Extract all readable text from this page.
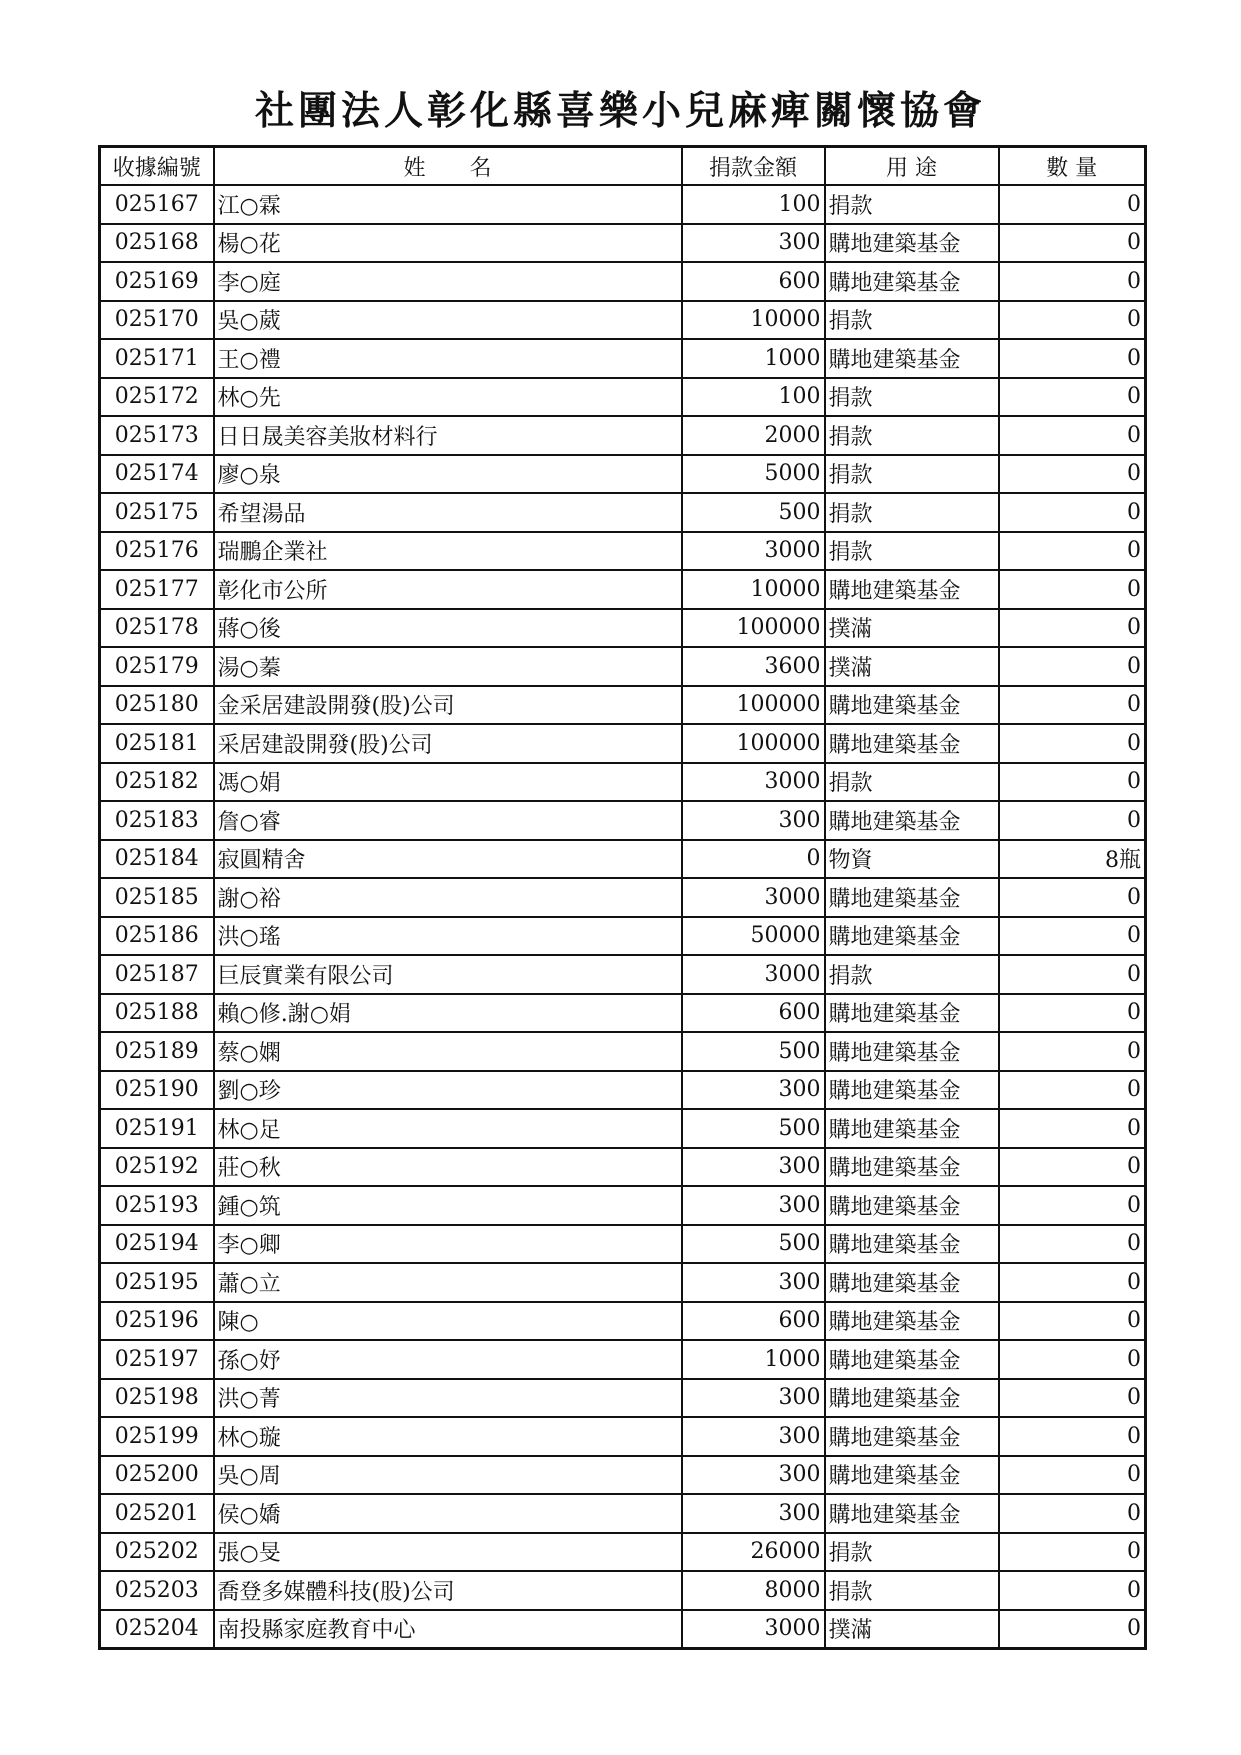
社團法人彰化縣喜樂小兒麻痺關懷協會
收據編號	姓　　名	捐款金額	用 途	數 量
025167	江○霖	100	捐款	0
025168	楊○花	300	購地建築基金	0
025169	李○庭	600	購地建築基金	0
025170	吳○葳	10000	捐款	0
025171	王○禮	1000	購地建築基金	0
025172	林○先	100	捐款	0
025173	日日晟美容美妝材料行	2000	捐款	0
025174	廖○泉	5000	捐款	0
025175	希望湯品	500	捐款	0
025176	瑞鵬企業社	3000	捐款	0
025177	彰化市公所	10000	購地建築基金	0
025178	蔣○後	100000	撲滿	0
025179	湯○蓁	3600	撲滿	0
025180	金采居建設開發(股)公司	100000	購地建築基金	0
025181	采居建設開發(股)公司	100000	購地建築基金	0
025182	馮○娟	3000	捐款	0
025183	詹○睿	300	購地建築基金	0
025184	寂圓精舍	0	物資	8瓶
025185	謝○裕	3000	購地建築基金	0
025186	洪○瑤	50000	購地建築基金	0
025187	巨辰實業有限公司	3000	捐款	0
025188	賴○修.謝○娟	600	購地建築基金	0
025189	蔡○嫻	500	購地建築基金	0
025190	劉○珍	300	購地建築基金	0
025191	林○足	500	購地建築基金	0
025192	莊○秋	300	購地建築基金	0
025193	鍾○筑	300	購地建築基金	0
025194	李○卿	500	購地建築基金	0
025195	蕭○立	300	購地建築基金	0
025196	陳○	600	購地建築基金	0
025197	孫○妤	1000	購地建築基金	0
025198	洪○菁	300	購地建築基金	0
025199	林○璇	300	購地建築基金	0
025200	吳○周	300	購地建築基金	0
025201	侯○嬌	300	購地建築基金	0
025202	張○旻	26000	捐款	0
025203	喬登多媒體科技(股)公司	8000	捐款	0
025204	南投縣家庭教育中心	3000	撲滿	0
